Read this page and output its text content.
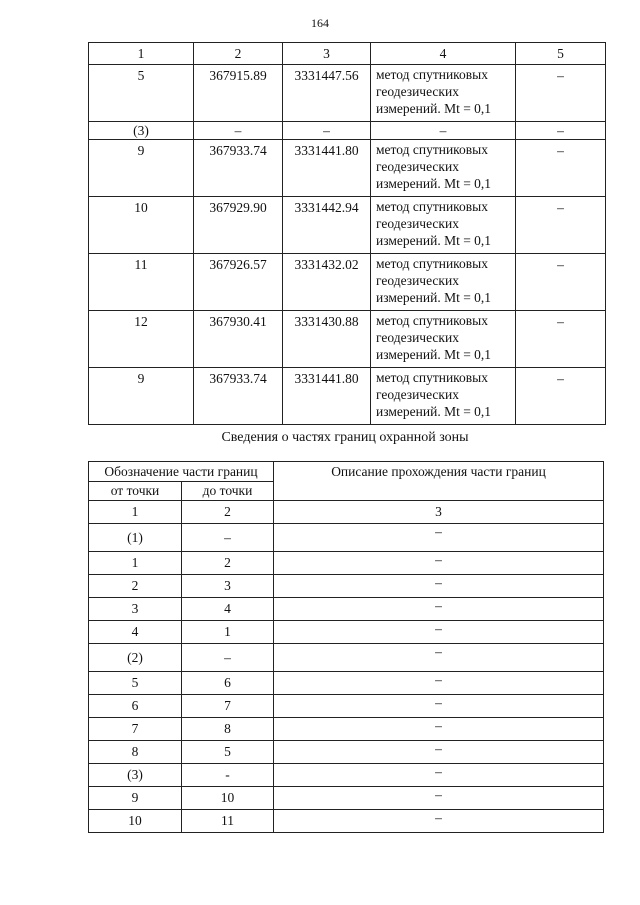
164
1	2	3	4	5
5	367915.89	3331447.56	метод спутниковых
геодезических
измерений. Mt = 0,1	–
(3)	–	–	–	–
9	367933.74	3331441.80	метод спутниковых
геодезических
измерений. Mt = 0,1	–
10	367929.90	3331442.94	метод спутниковых
геодезических
измерений. Mt = 0,1	–
11	367926.57	3331432.02	метод спутниковых
геодезических
измерений. Mt = 0,1	–
12	367930.41	3331430.88	метод спутниковых
геодезических
измерений. Mt = 0,1	–
9	367933.74	3331441.80	метод спутниковых
геодезических
измерений. Mt = 0,1	–
Сведения о частях границ охранной зоны
Обозначение части границ		Описание прохождения части границ
от точки	до точки	
1	2	3
(1)	–	–
1	2	–
2	3	–
3	4	–
4	1	–
(2)	–	–
5	6	–
6	7	–
7	8	–
8	5	–
(3)	-	–
9	10	–
10	11	–
